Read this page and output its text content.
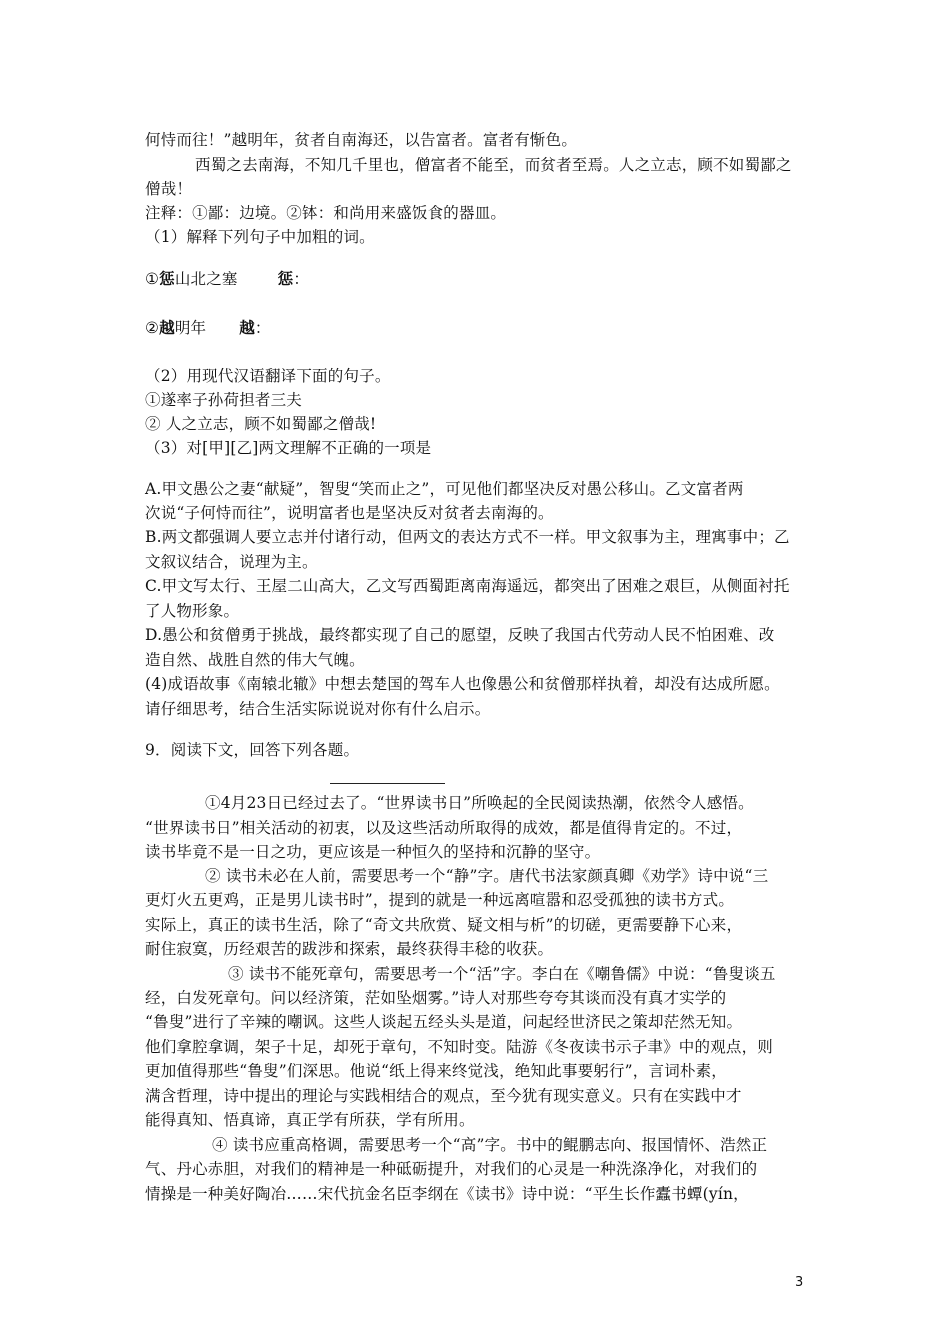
何恃而往！”越明年，贫者自南海还，以告富者。富者有惭色。
西蜀之去南海，不知几千里也，僧富者不能至，而贫者至焉。人之立志，顾不如蜀鄙之
僧哉！
注释：①鄙：边境。②钵：和尚用来盛饭食的器皿。
（1）解释下列句子中加粗的词。
①惩山北之塞	惩：
②越明年 越：
（2）用现代汉语翻译下面的句子。
①遂率子孙荷担者三夫
② 人之立志，顾不如蜀鄙之僧哉!
（3）对[甲][乙]两文理解不正确的一项是
A.甲文愚公之妻“献疑”，智叟“笑而止之”，可见他们都坚决反对愚公移山。乙文富者两
次说“子何恃而往”，说明富者也是坚决反对贫者去南海的。
B.两文都强调人要立志并付诸行动，但两文的表达方式不一样。甲文叙事为主，理寓事中；乙
文叙议结合，说理为主。
C.甲文写太行、王屋二山高大，乙文写西蜀距离南海遥远，都突出了困难之艰巨，从侧面衬托
了人物形象。
D.愚公和贫僧勇于挑战，最终都实现了自己的愿望，反映了我国古代劳动人民不怕困难、改
造自然、战胜自然的伟大气魄。
(4)成语故事《南辕北辙》中想去楚国的驾车人也像愚公和贫僧那样执着，却没有达成所愿。
请仔细思考，结合生活实际说说对你有什么启示。
9．阅读下文，回答下列各题。
①4月23日已经过去了。“世界读书日”所唤起的全民阅读热潮，依然令人感悟。
“世界读书日”相关活动的初衷，以及这些活动所取得的成效，都是值得肯定的。不过，
读书毕竟不是一日之功，更应该是一种恒久的坚持和沉静的坚守。
② 读书未必在人前，需要思考一个“静”字。唐代书法家颜真卿《劝学》诗中说“三
更灯火五更鸡，正是男儿读书时”，提到的就是一种远离喧嚣和忍受孤独的读书方式。
实际上，真正的读书生活，除了“奇文共欣赏、疑文相与析”的切磋，更需要静下心来，
耐住寂寞，历经艰苦的跋涉和探索，最终获得丰稔的收获。
③ 读书不能死章句，需要思考一个“活”字。李白在《嘲鲁儒》中说：“鲁叟谈五
经，白发死章句。问以经济策，茫如坠烟雾。”诗人对那些夸夸其谈而没有真才实学的
“鲁叟”进行了辛辣的嘲讽。这些人谈起五经头头是道，问起经世济民之策却茫然无知。
他们拿腔拿调，架子十足，却死于章句，不知时变。陆游《冬夜读书示子聿》中的观点，则
更加值得那些“鲁叟”们深思。他说“纸上得来终觉浅，绝知此事要躬行”，言词朴素，
满含哲理，诗中提出的理论与实践相结合的观点，至今犹有现实意义。只有在实践中才
能得真知、悟真谛，真正学有所获，学有所用。
④ 读书应重高格调，需要思考一个“高”字。书中的鲲鹏志向、报国情怀、浩然正
气、丹心赤胆，对我们的精神是一种砥砺提升，对我们的心灵是一种洗涤净化，对我们的
情操是一种美好陶冶……宋代抗金名臣李纲在《读书》诗中说：“平生长作蠹书蟫(yín，
3
